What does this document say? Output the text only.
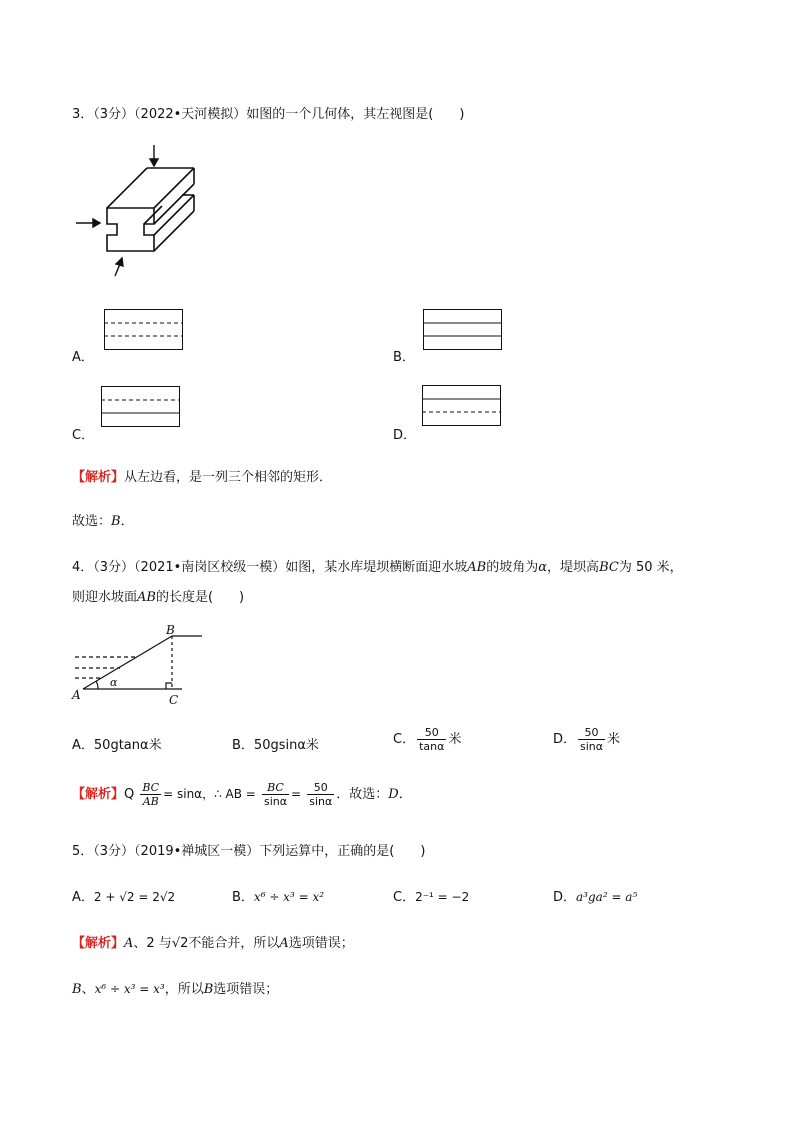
3．（3分）（2022•天河模拟）如图的一个几何体，其左视图是(　　)
A．	B．
C．	D．
【解析】从左边看，是一列三个相邻的矩形．
故选：B．
4．（3分）（2021•南岗区校级一模）如图，某水库堤坝横断面迎水坡AB的坡角为α，堤坝高BC为 50 米，
则迎水坡面AB的长度是(　　)
B
A	C
α
A．50gtanα米	B．50gsinα米	C． $\frac{50}{\tan\alpha}$ 米	D． $\frac{50}{\sin\alpha}$ 米
【解析】Q $\frac{BC}{AB} = \sin\alpha$，∴ AB = $\frac{BC}{\sin\alpha} = \frac{50}{\sin\alpha}$ ．故选：D．
5．（3分）（2019•禅城区一模）下列运算中，正确的是(　　)
A．2 + √2 = 2√2	B．x⁶ ÷ x³ = x²	C．2⁻¹ = −2	D．a³ga² = a⁵
【解析】A、2 与√2不能合并，所以A选项错误；
B、x⁶ ÷ x³ = x³，所以B选项错误；
